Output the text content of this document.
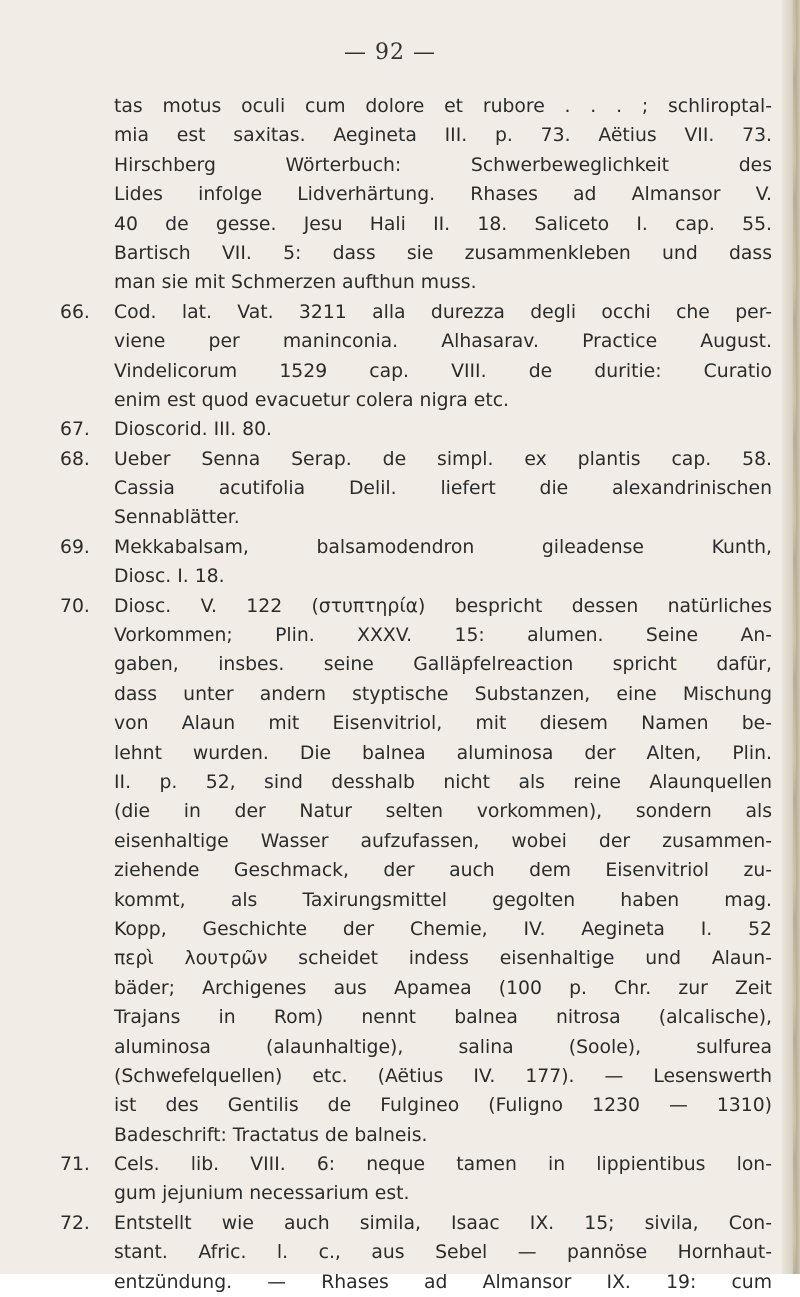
— 92 —
tas motus oculi cum dolore et rubore . . . ; schliroptal-
mia est saxitas. Aegineta III. p. 73. Aëtius VII. 73.
Hirschberg Wörterbuch: Schwerbeweglichkeit des
Lides infolge Lidverhärtung. Rhases ad Almansor V.
40 de gesse. Jesu Hali II. 18. Saliceto I. cap. 55.
Bartisch VII. 5: dass sie zusammenkleben und dass
man sie mit Schmerzen aufthun muss.
66. Cod. lat. Vat. 3211 alla durezza degli occhi che per-
viene per maninconia. Alhasarav. Practice August.
Vindelicorum 1529 cap. VIII. de duritie: Curatio
enim est quod evacuetur colera nigra etc.
67. Dioscorid. III. 80.
68. Ueber Senna Serap. de simpl. ex plantis cap. 58.
Cassia acutifolia Delil. liefert die alexandrinischen
Sennablätter.
69. Mekkabalsam, balsamodendron gileadense Kunth,
Diosc. I. 18.
70. Diosc. V. 122 (στυπτηρία) bespricht dessen natürliches
Vorkommen; Plin. XXXV. 15: alumen. Seine An-
gaben, insbes. seine Galläpfelreaction spricht dafür,
dass unter andern styptische Substanzen, eine Mischung
von Alaun mit Eisenvitriol, mit diesem Namen be-
lehnt wurden. Die balnea aluminosa der Alten, Plin.
II. p. 52, sind desshalb nicht als reine Alaunquellen
(die in der Natur selten vorkommen), sondern als
eisenhaltige Wasser aufzufassen, wobei der zusammen-
ziehende Geschmack, der auch dem Eisenvitriol zu-
kommt, als Taxirungsmittel gegolten haben mag.
Kopp, Geschichte der Chemie, IV. Aegineta I. 52
περὶ λουτρῶν scheidet indess eisenhaltige und Alaun-
bäder; Archigenes aus Apamea (100 p. Chr. zur Zeit
Trajans in Rom) nennt balnea nitrosa (alcalische),
aluminosa (alaunhaltige), salina (Soole), sulfurea
(Schwefelquellen) etc. (Aëtius IV. 177). — Lesenswerth
ist des Gentilis de Fulgineo (Fuligno 1230 — 1310)
Badeschrift: Tractatus de balneis.
71. Cels. lib. VIII. 6: neque tamen in lippientibus lon-
gum jejunium necessarium est.
72. Entstellt wie auch simila, Isaac IX. 15; sivila, Con-
stant. Afric. l. c., aus Sebel — pannöse Hornhaut-
entzündung. — Rhases ad Almansor IX. 19: cum
